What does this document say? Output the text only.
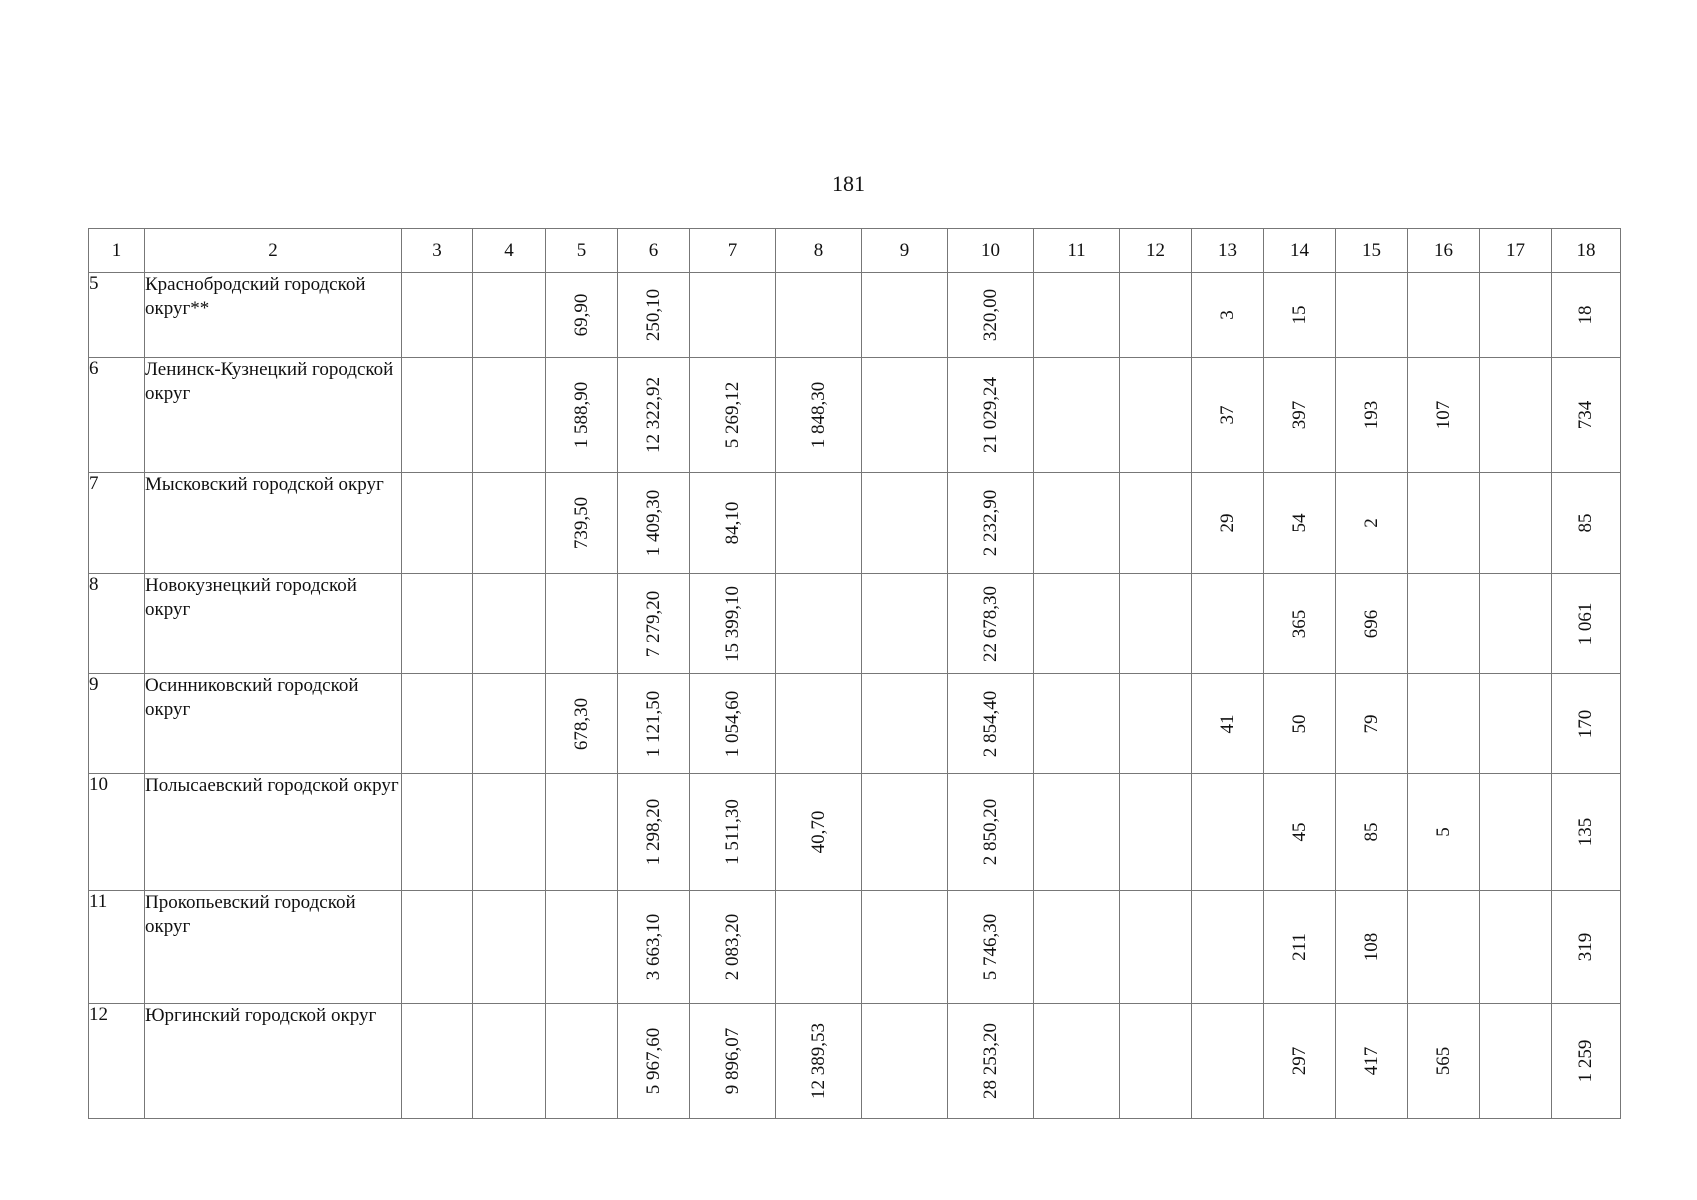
181
1	2	3	4	5	6	7	8	9	10	11	12	13	14	15	16	17	18
5	Краснобродский городской округ**			69,90	250,10				320,00			3	15				18

6	Ленинск-Кузнецкий городской округ			1 588,90	12 322,92	5 269,12	1 848,30		21 029,24			37	397	193	107		734

7	Мысковский городской округ			739,50	1 409,30	84,10			2 232,90			29	54	2			85

8	Новокузнецкий городской округ				7 279,20	15 399,10			22 678,30				365	696			1 061

9	Осинниковский городской округ			678,30	1 121,50	1 054,60			2 854,40			41	50	79			170

10	Полысаевский городской округ				1 298,20	1 511,30	40,70		2 850,20				45	85	5		135

11	Прокопьевский городской округ				3 663,10	2 083,20			5 746,30				211	108			319

12	Юргинский городской округ				5 967,60	9 896,07	12 389,53		28 253,20				297	417	565		1 259
